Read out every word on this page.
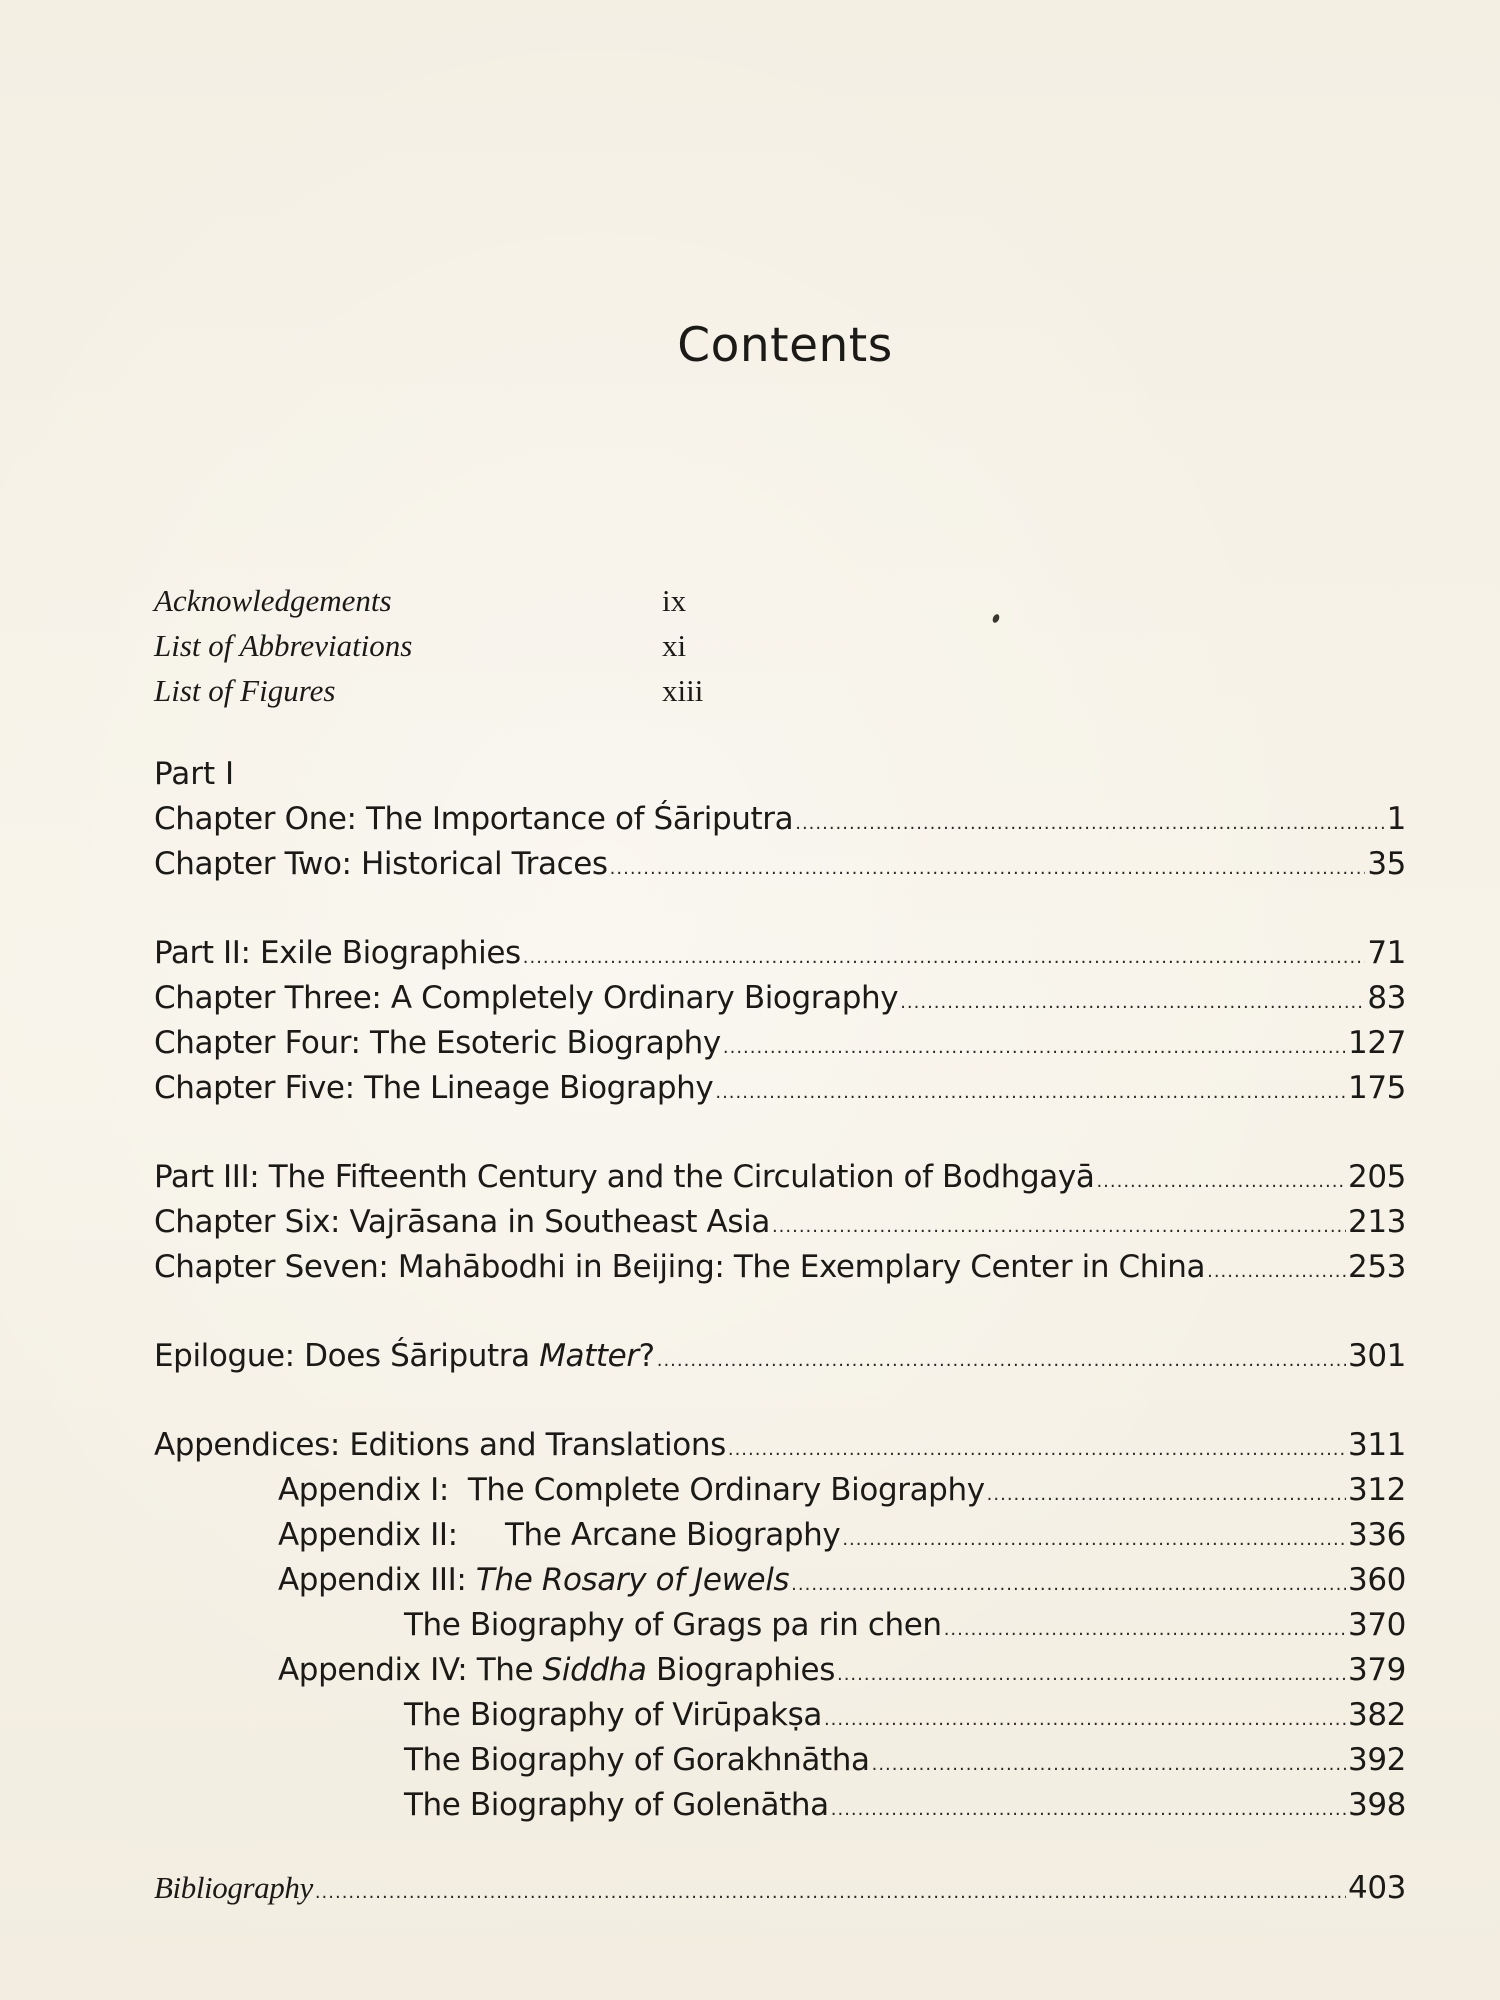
Contents
Acknowledgements	ix
List of Abbreviations	xi
List of Figures	xiii
Part I
Chapter One: The Importance of Śāriputra .....	1
Chapter Two: Historical Traces .....	35
Part II: Exile Biographies .....	71
Chapter Three: A Completely Ordinary Biography .....	83
Chapter Four: The Esoteric Biography .....	127
Chapter Five: The Lineage Biography .....	175
Part III: The Fifteenth Century and the Circulation of Bodhgayā .....	205
Chapter Six: Vajrāsana in Southeast Asia .....	213
Chapter Seven: Mahābodhi in Beijing: The Exemplary Center in China .....	253
Epilogue: Does Śāriputra Matter? .....	301
Appendices: Editions and Translations .....	311
Appendix I:  The Complete Ordinary Biography .....	312
Appendix II:     The Arcane Biography .....	336
Appendix III: The Rosary of Jewels .....	360
The Biography of Grags pa rin chen .....	370
Appendix IV: The Siddha Biographies .....	379
The Biography of Virūpakṣa .....	382
The Biography of Gorakhnātha .....	392
The Biography of Golenātha .....	398
Bibliography .....	403
